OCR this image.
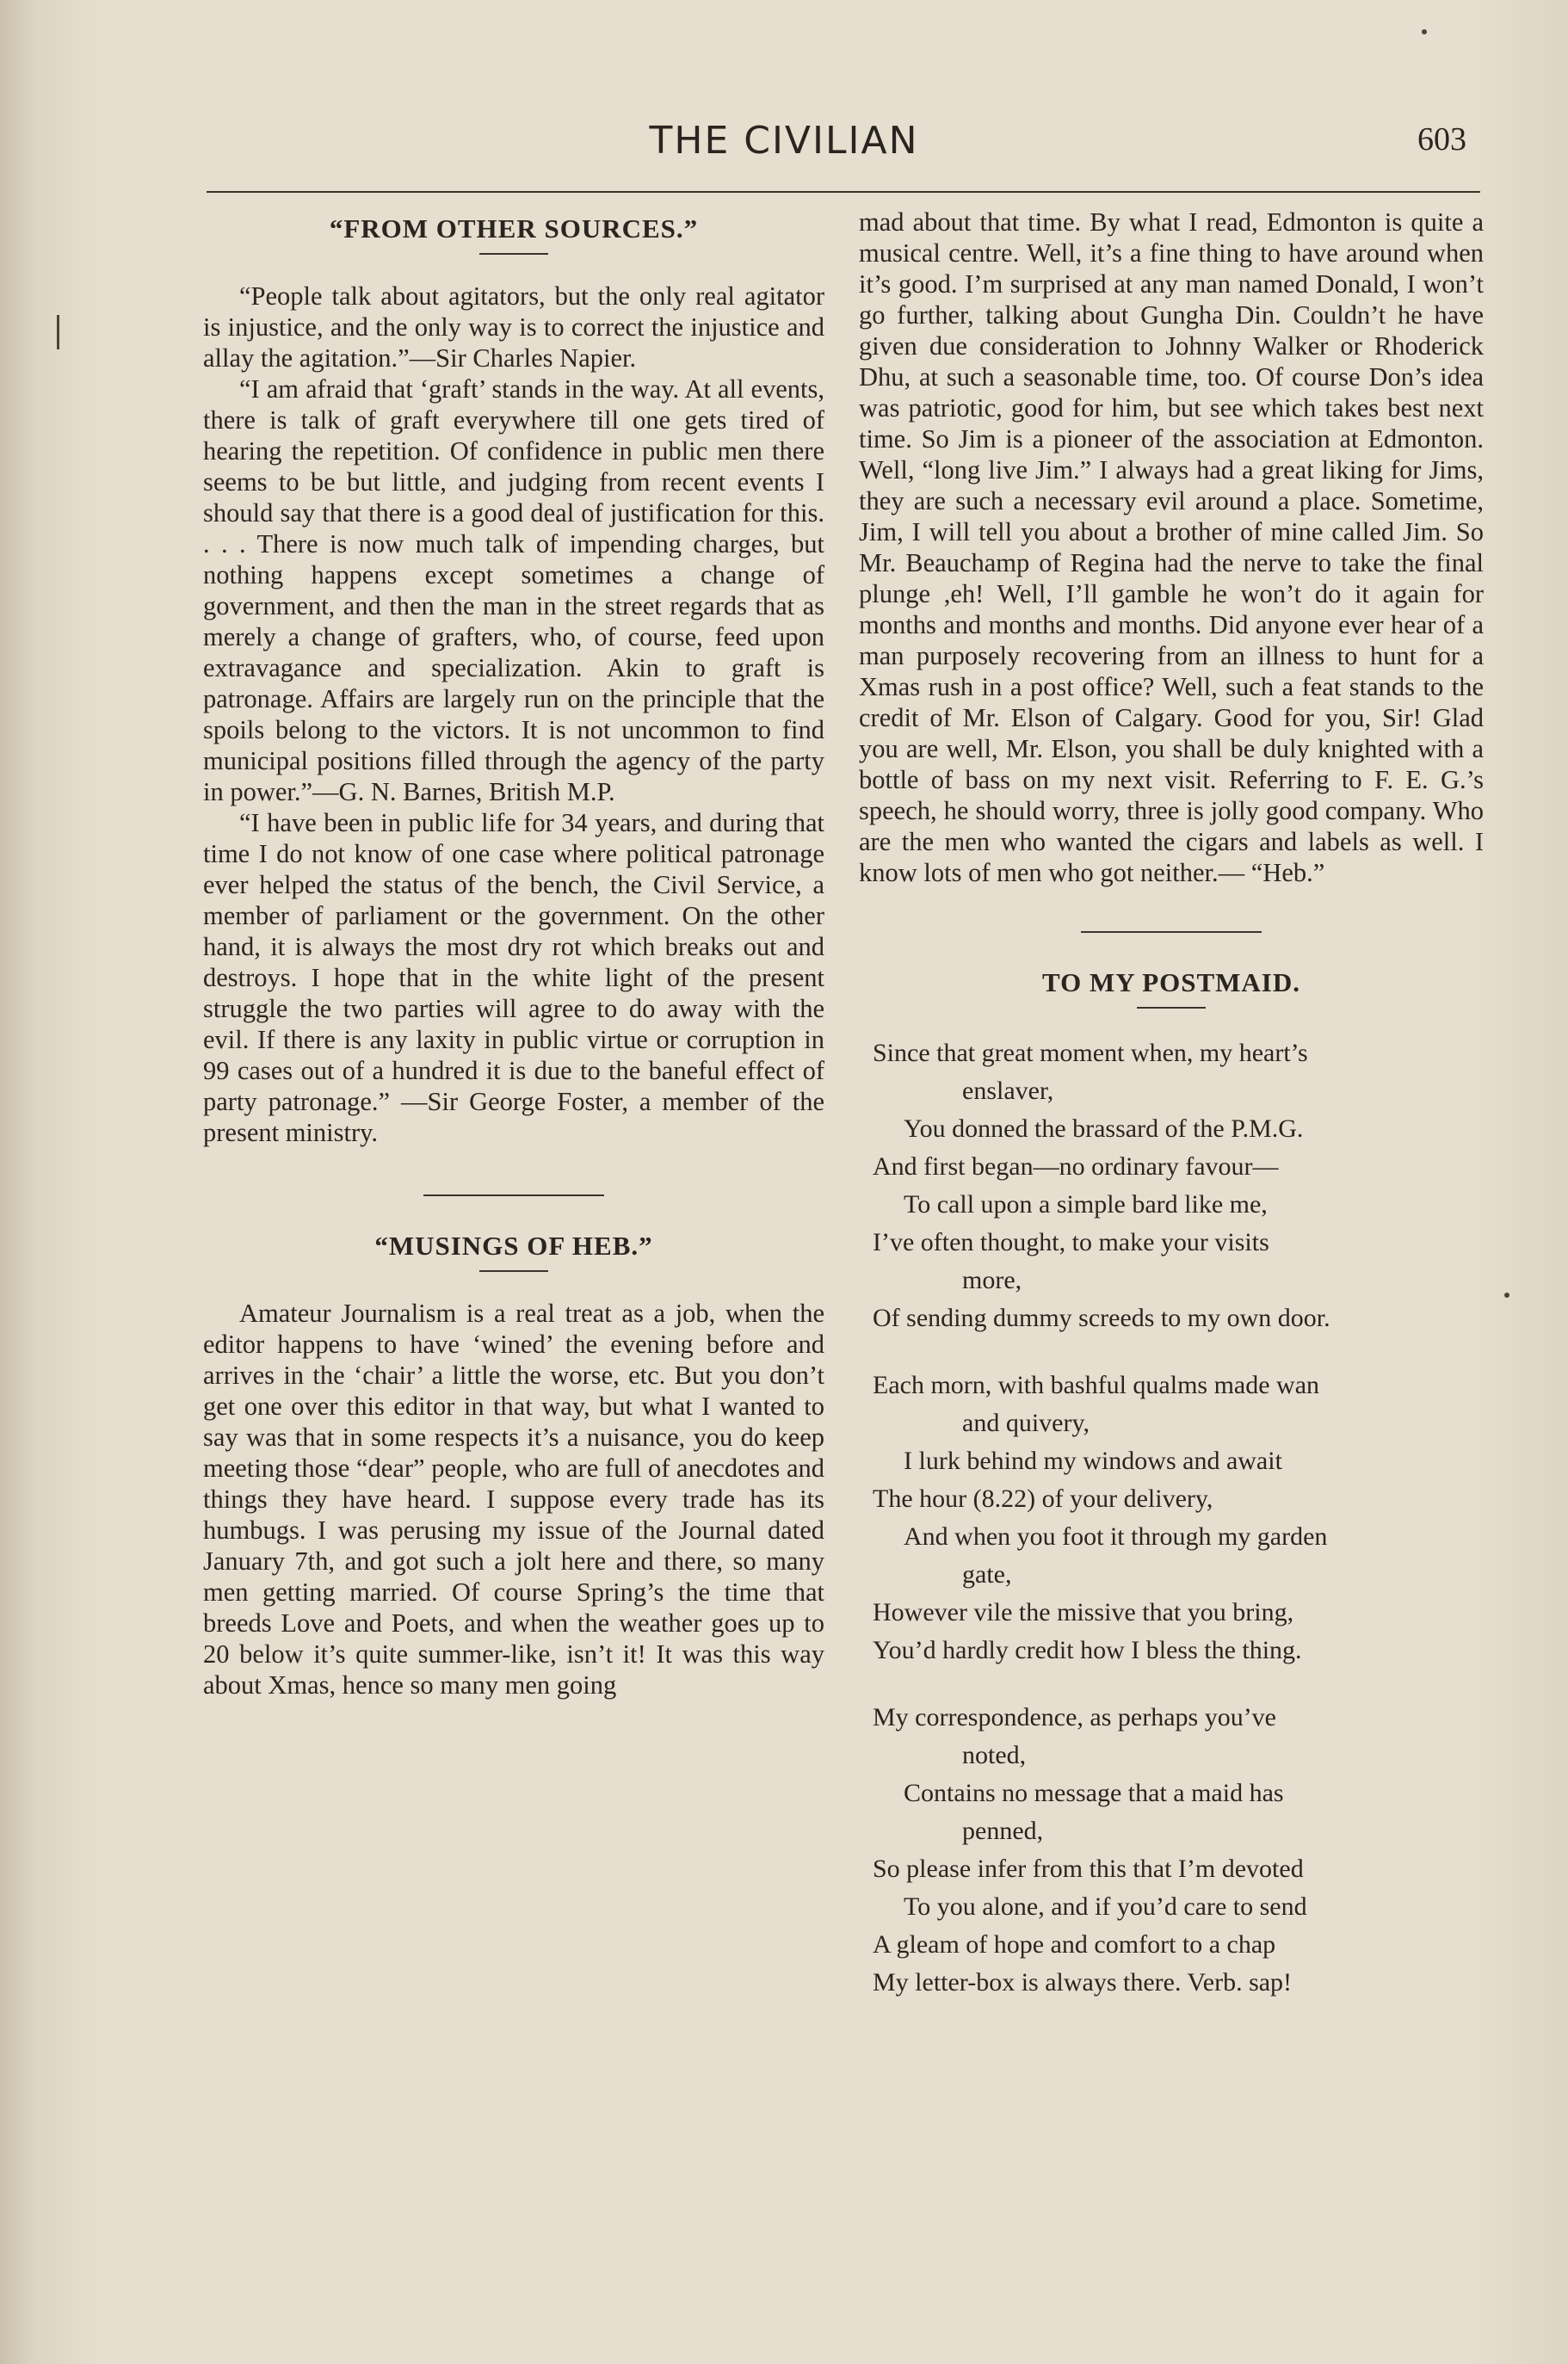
THE CIVILIAN	603
“FROM OTHER SOURCES.”

“People talk about agitators, but the only real agitator is injustice, and the only way is to correct the injustice and allay the agitation.”—Sir Charles Napier.

“I am afraid that ‘graft’ stands in the way. At all events, there is talk of graft everywhere till one gets tired of hearing the repetition. Of confidence in public men there seems to be but little, and judging from recent events I should say that there is a good deal of justification for this. . . . There is now much talk of impending charges, but nothing happens except sometimes a change of government, and then the man in the street regards that as merely a change of grafters, who, of course, feed upon extravagance and specialization. Akin to graft is patronage. Affairs are largely run on the principle that the spoils belong to the victors. It is not uncommon to find municipal positions filled through the agency of the party in power.”—G. N. Barnes, British M.P.

“I have been in public life for 34 years, and during that time I do not know of one case where political patronage ever helped the status of the bench, the Civil Service, a member of parliament or the government. On the other hand, it is always the most dry rot which breaks out and destroys. I hope that in the white light of the present struggle the two parties will agree to do away with the evil. If there is any laxity in public virtue or corruption in 99 cases out of a hundred it is due to the baneful effect of party patronage.” —Sir George Foster, a member of the present ministry.

“MUSINGS OF HEB.”

Amateur Journalism is a real treat as a job, when the editor happens to have ‘wined’ the evening before and arrives in the ‘chair’ a little the worse, etc. But you don’t get one over this editor in that way, but what I wanted to say was that in some respects it’s a nuisance, you do keep meeting those “dear” people, who are full of anecdotes and things they have heard. I suppose every trade has its humbugs. I was perusing my issue of the Journal dated January 7th, and got such a jolt here and there, so many men getting married. Of course Spring’s the time that breeds Love and Poets, and when the weather goes up to 20 below it’s quite summer-like, isn’t it! It was this way about Xmas, hence so many men going

mad about that time. By what I read, Edmonton is quite a musical centre. Well, it’s a fine thing to have around when it’s good. I’m surprised at any man named Donald, I won’t go further, talking about Gungha Din. Couldn’t he have given due consideration to Johnny Walker or Rhoderick Dhu, at such a seasonable time, too. Of course Don’s idea was patriotic, good for him, but see which takes best next time. So Jim is a pioneer of the association at Edmonton. Well, “long live Jim.” I always had a great liking for Jims, they are such a necessary evil around a place. Sometime, Jim, I will tell you about a brother of mine called Jim. So Mr. Beauchamp of Regina had the nerve to take the final plunge ,eh! Well, I’ll gamble he won’t do it again for months and months and months. Did anyone ever hear of a man purposely recovering from an illness to hunt for a Xmas rush in a post office? Well, such a feat stands to the credit of Mr. Elson of Calgary. Good for you, Sir! Glad you are well, Mr. Elson, you shall be duly knighted with a bottle of bass on my next visit. Referring to F. E. G.’s speech, he should worry, three is jolly good company. Who are the men who wanted the cigars and labels as well. I know lots of men who got neither.— “Heb.”

TO MY POSTMAID.
Since that great moment when, my heart’s
enslaver,
You donned the brassard of the P.M.G.
And first began—no ordinary favour—
To call upon a simple bard like me,
I’ve often thought, to make your visits
more,
Of sending dummy screeds to my own door.
Each morn, with bashful qualms made wan
and quivery,
I lurk behind my windows and await
The hour (8.22) of your delivery,
And when you foot it through my garden
gate,
However vile the missive that you bring,
You’d hardly credit how I bless the thing.
My correspondence, as perhaps you’ve
noted,
Contains no message that a maid has
penned,
So please infer from this that I’m devoted
To you alone, and if you’d care to send
A gleam of hope and comfort to a chap
My letter-box is always there. Verb. sap!
